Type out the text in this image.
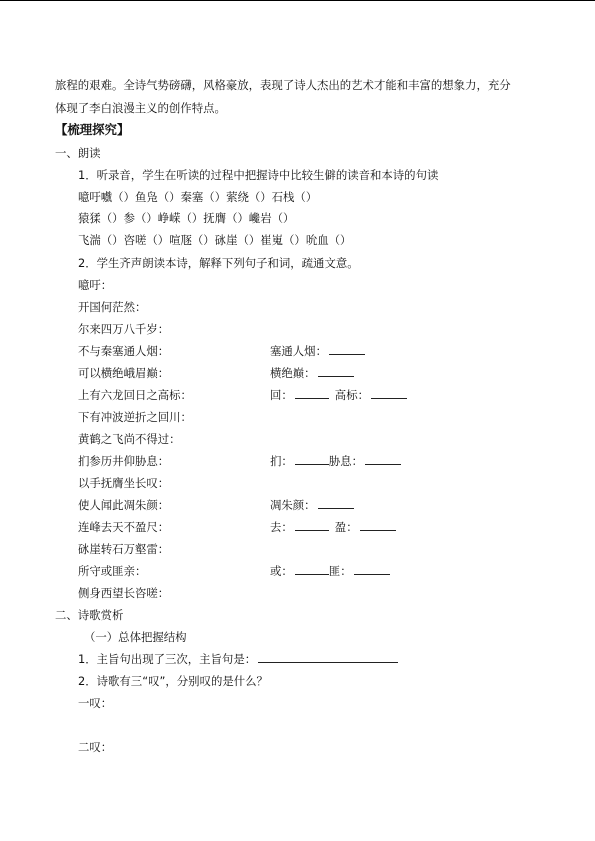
旅程的艰难。全诗气势磅礴，风格豪放，表现了诗人杰出的艺术才能和丰富的想象力，充分
体现了李白浪漫主义的创作特点。
【梳理探究】
一、朗读
1．听录音，学生在听读的过程中把握诗中比较生僻的读音和本诗的句读
噫吁嚱（）鱼凫（）秦塞（）萦绕（）石栈（）
猿猱（）参（）峥嵘（）抚膺（）巉岩（）
飞湍（）咨嗟（）喧豗（）砯崖（）崔嵬（）吮血（）
2．学生齐声朗读本诗，解释下列句子和词，疏通文意。
噫吁：
开国何茫然：
尔来四万八千岁：
不与秦塞通人烟：	塞通人烟：
可以横绝峨眉巅：	横绝巅：
上有六龙回日之高标：	回：	高标：
下有冲波逆折之回川：
黄鹤之飞尚不得过：
扪参历井仰胁息：	扪：	胁息：
以手抚膺坐长叹：
使人闻此凋朱颜：	凋朱颜：
连峰去天不盈尺：	去：	盈：
砯崖转石万壑雷：
所守或匪亲：	或：	匪：
侧身西望长咨嗟：
二、诗歌赏析
（一）总体把握结构
1．主旨句出现了三次，主旨句是：
2．诗歌有三“叹”，分别叹的是什么？
一叹：
二叹：
